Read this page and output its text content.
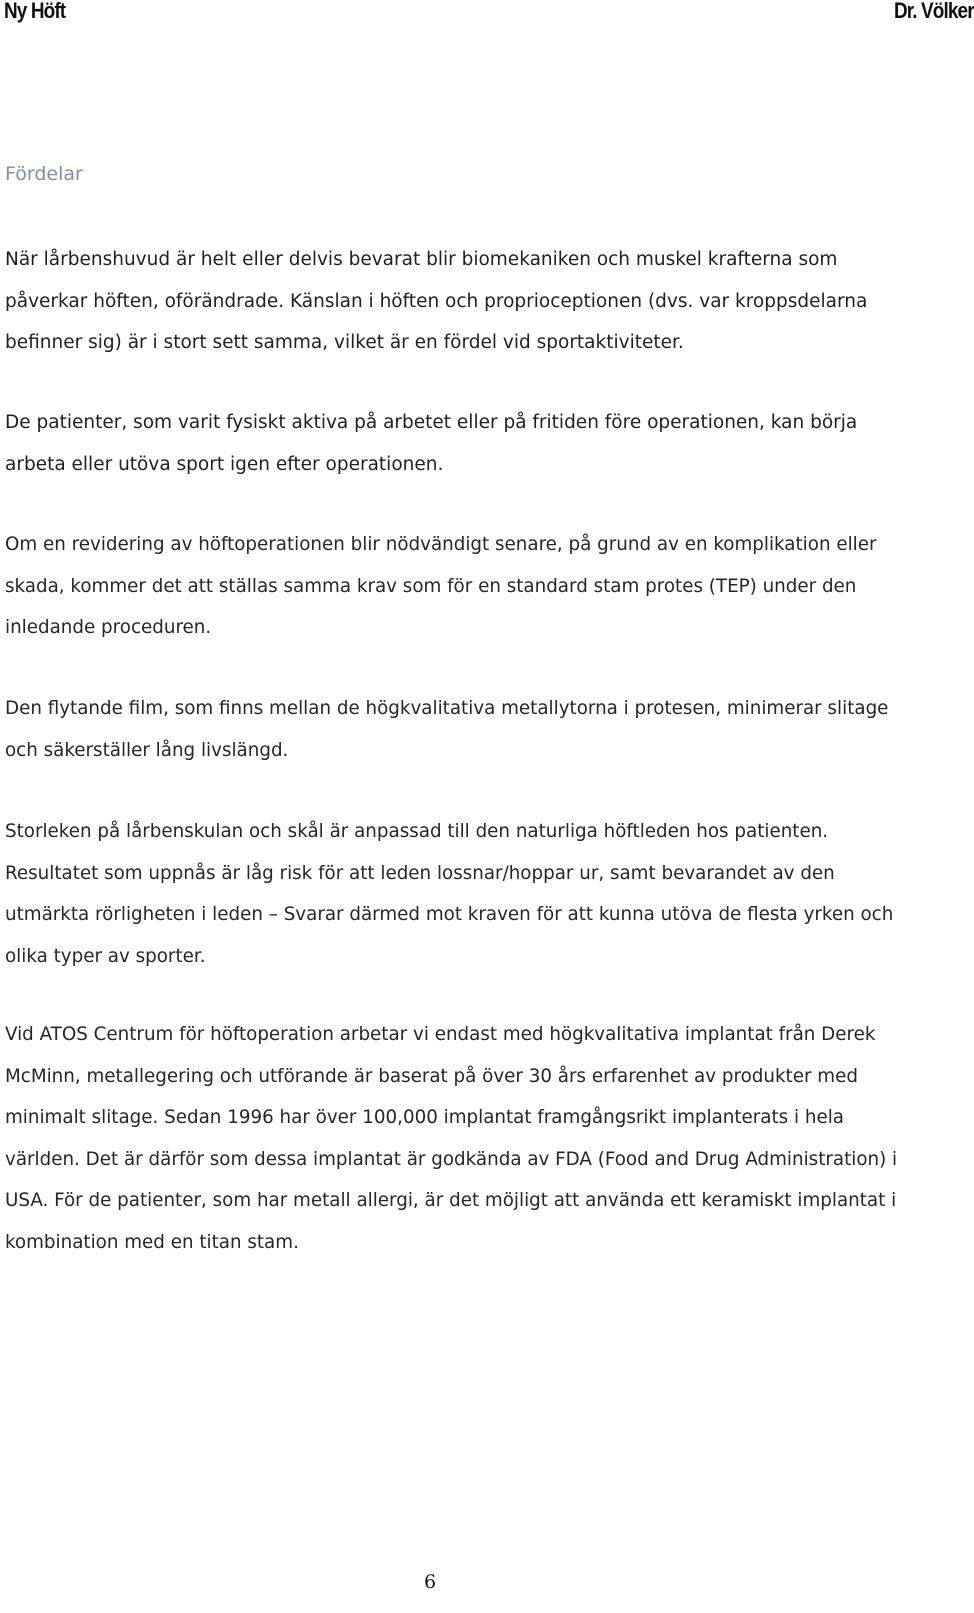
Ny Höft	Dr. Völker
Fördelar

När lårbenshuvud är helt eller delvis bevarat blir biomekaniken och muskel krafterna som påverkar höften, oförändrade. Känslan i höften och proprioceptionen (dvs. var kroppsdelarna befinner sig) är i stort sett samma, vilket är en fördel vid sportaktiviteter.

De patienter, som varit fysiskt aktiva på arbetet eller på fritiden före operationen, kan börja arbeta eller utöva sport igen efter operationen.

Om en revidering av höftoperationen blir nödvändigt senare, på grund av en komplikation eller skada, kommer det att ställas samma krav som för en standard stam protes (TEP) under den inledande proceduren.

Den flytande film, som finns mellan de högkvalitativa metallytorna i protesen, minimerar slitage och säkerställer lång livslängd.

Storleken på lårbenskulan och skål är anpassad till den naturliga höftleden hos patienten. Resultatet som uppnås är låg risk för att leden lossnar/hoppar ur, samt bevarandet av den utmärkta rörligheten i leden – Svarar därmed mot kraven för att kunna utöva de flesta yrken och olika typer av sporter.

Vid ATOS Centrum för höftoperation arbetar vi endast med högkvalitativa implantat från Derek McMinn, metallegering och utförande är baserat på över 30 års erfarenhet av produkter med minimalt slitage. Sedan 1996 har över 100,000 implantat framgångsrikt implanterats i hela världen. Det är därför som dessa implantat är godkända av FDA (Food and Drug Administration) i USA. För de patienter, som har metall allergi, är det möjligt att använda ett keramiskt implantat i kombination med en titan stam.

6
